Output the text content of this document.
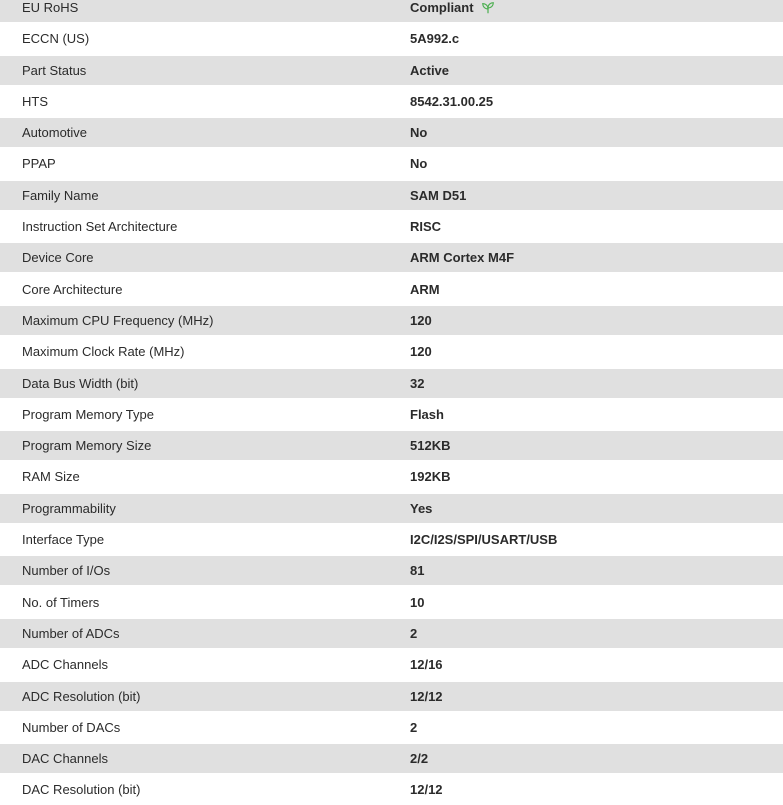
EU RoHS	Compliant
ECCN (US)	5A992.c
Part Status	Active
HTS	8542.31.00.25
Automotive	No
PPAP	No
Family Name	SAM D51
Instruction Set Architecture	RISC
Device Core	ARM Cortex M4F
Core Architecture	ARM
Maximum CPU Frequency (MHz)	120
Maximum Clock Rate (MHz)	120
Data Bus Width (bit)	32
Program Memory Type	Flash
Program Memory Size	512KB
RAM Size	192KB
Programmability	Yes
Interface Type	I2C/I2S/SPI/USART/USB
Number of I/Os	81
No. of Timers	10
Number of ADCs	2
ADC Channels	12/16
ADC Resolution (bit)	12/12
Number of DACs	2
DAC Channels	2/2
DAC Resolution (bit)	12/12
